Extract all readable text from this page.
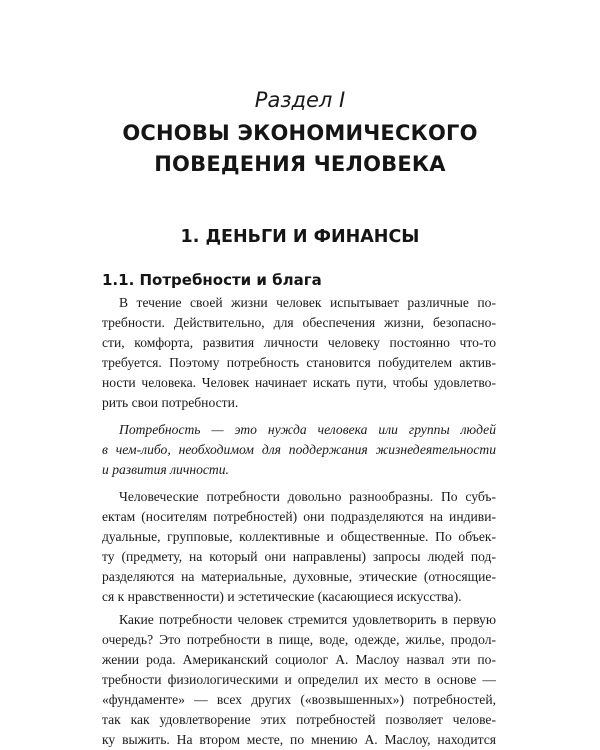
Раздел I
ОСНОВЫ ЭКОНОМИЧЕСКОГО
ПОВЕДЕНИЯ ЧЕЛОВЕКА
1. ДЕНЬГИ И ФИНАНСЫ
1.1. Потребности и блага
В течение своей жизни человек испытывает различные по-
требности. Действительно, для обеспечения жизни, безопасно-
сти, комфорта, развития личности человеку постоянно что-то
требуется. Поэтому потребность становится побудителем актив-
ности человека. Человек начинает искать пути, чтобы удовлетво-
рить свои потребности.
Потребность — это нужда человека или группы людей
в чем-либо, необходимом для поддержания жизнедеятельности
и развития личности.
Человеческие потребности довольно разнообразны. По субъ-
ектам (носителям потребностей) они подразделяются на индиви-
дуальные, групповые, коллективные и общественные. По объек-
ту (предмету, на который они направлены) запросы людей под-
разделяются на материальные, духовные, этические (относящие-
ся к нравственности) и эстетические (касающиеся искусства).
Какие потребности человек стремится удовлетворить в первую
очередь? Это потребности в пище, воде, одежде, жилье, продол-
жении рода. Американский социолог А. Маслоу назвал эти по-
требности физиологическими и определил их место в основе —
«фундаменте» — всех других («возвышенных») потребностей,
так как удовлетворение этих потребностей позволяет челове-
ку выжить. На втором месте, по мнению А. Маслоу, находится
